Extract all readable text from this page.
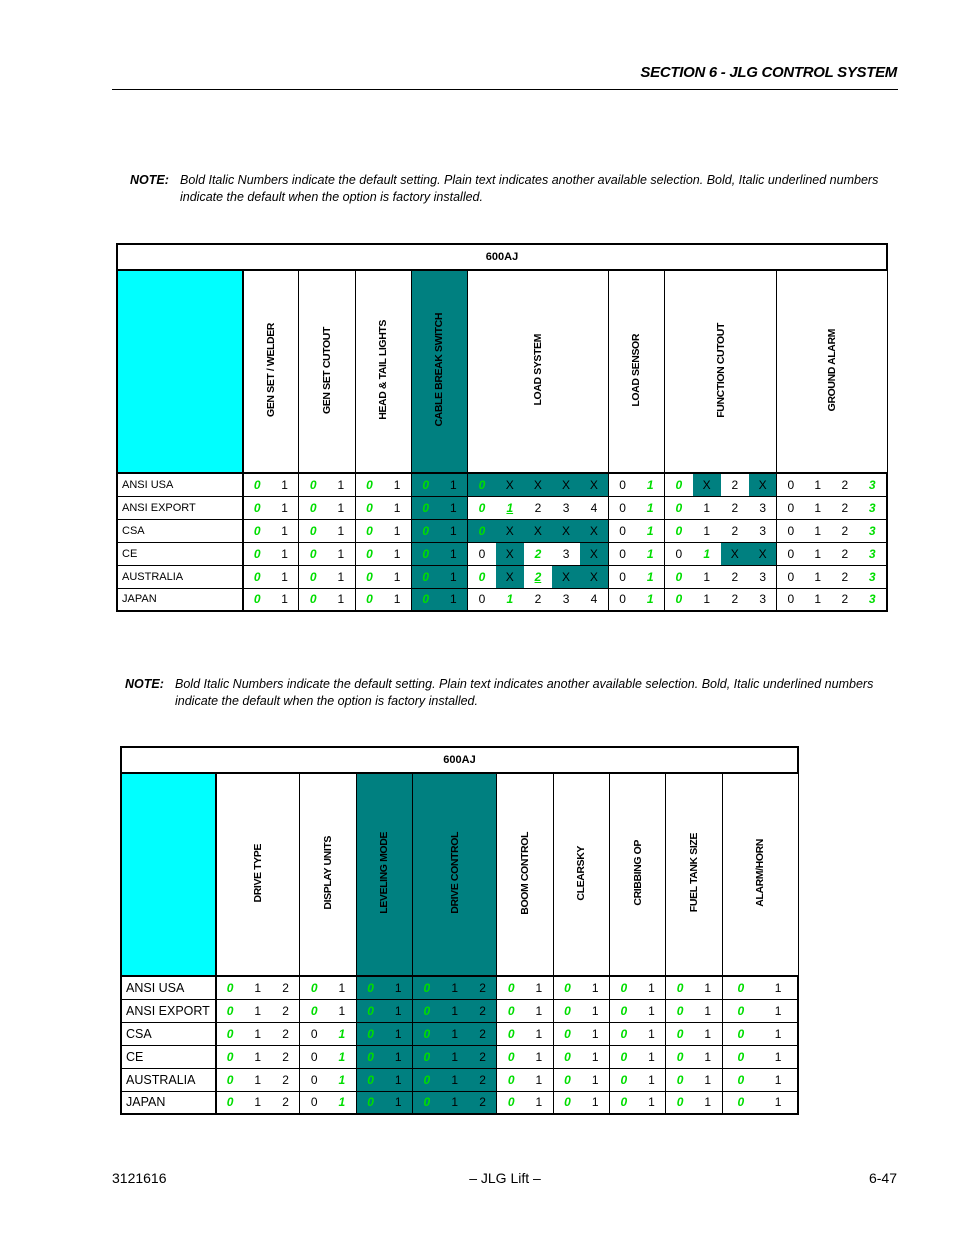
SECTION 6 - JLG CONTROL SYSTEM
NOTE: Bold Italic Numbers indicate the default setting. Plain text indicates another available selection. Bold, Italic underlined numbers indicate the default when the option is factory installed.
600AJ																							
	GEN SET / WELDER		GEN SET CUTOUT		HEAD & TAIL LIGHTS		CABLE BREAK SWITCH		LOAD SYSTEM					LOAD SENSOR		FUNCTION CUTOUT				GROUND ALARM			
ANSI USA	0	1	0	1	0	1	0	1	0	X	X	X	X	0	1	0	X	2	X	0	1	2	3
ANSI EXPORT	0	1	0	1	0	1	0	1	0	1	2	3	4	0	1	0	1	2	3	0	1	2	3
CSA	0	1	0	1	0	1	0	1	0	X	X	X	X	0	1	0	1	2	3	0	1	2	3
CE	0	1	0	1	0	1	0	1	0	X	2	3	X	0	1	0	1	X	X	0	1	2	3
AUSTRALIA	0	1	0	1	0	1	0	1	0	X	2	X	X	0	1	0	1	2	3	0	1	2	3
JAPAN	0	1	0	1	0	1	0	1	0	1	2	3	4	0	1	0	1	2	3	0	1	2	3
NOTE: Bold Italic Numbers indicate the default setting. Plain text indicates another available selection. Bold, Italic underlined numbers indicate the default when the option is factory installed.
600AJ																				
	DRIVE TYPE			DISPLAY UNITS		LEVELING MODE		DRIVE CONTROL			BOOM CONTROL		CLEARSKY		CRIBBING OP		FUEL TANK SIZE		ALARM/HORN	
ANSI USA	0	1	2	0	1	0	1	0	1	2	0	1	0	1	0	1	0	1	0	1
ANSI EXPORT	0	1	2	0	1	0	1	0	1	2	0	1	0	1	0	1	0	1	0	1
CSA	0	1	2	0	1	0	1	0	1	2	0	1	0	1	0	1	0	1	0	1
CE	0	1	2	0	1	0	1	0	1	2	0	1	0	1	0	1	0	1	0	1
AUSTRALIA	0	1	2	0	1	0	1	0	1	2	0	1	0	1	0	1	0	1	0	1
JAPAN	0	1	2	0	1	0	1	0	1	2	0	1	0	1	0	1	0	1	0	1
3121616	– JLG Lift –	6-47
